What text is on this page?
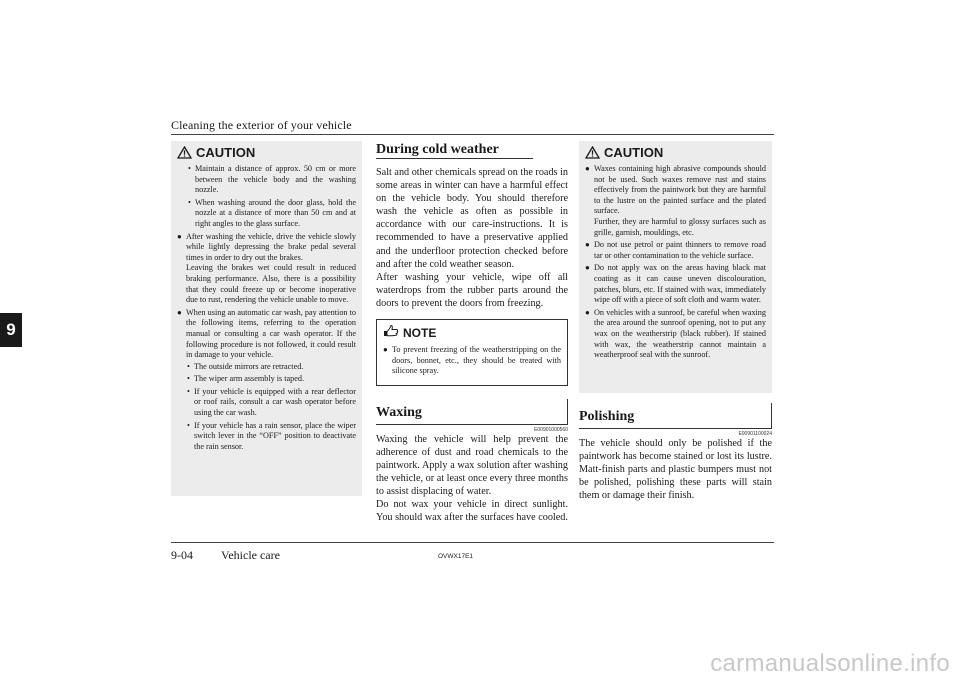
Cleaning the exterior of your vehicle
9
CAUTION
• Maintain a distance of approx. 50 cm or more between the vehicle body and the washing nozzle.
• When washing around the door glass, hold the nozzle at a distance of more than 50 cm and at right angles to the glass surface.
● After washing the vehicle, drive the vehicle slowly while lightly depressing the brake pedal several times in order to dry out the brakes.

Leaving the brakes wet could result in reduced braking performance. Also, there is a possibility that they could freeze up or become inoperative due to rust, rendering the vehicle unable to move.

● When using an automatic car wash, pay attention to the following items, referring to the operation manual or consulting a car wash operator. If the following procedure is not followed, it could result in damage to your vehicle.

• The outside mirrors are retracted.
• The wiper arm assembly is taped.
• If your vehicle is equipped with a rear deflector or roof rails, consult a car wash operator before using the car wash.
• If your vehicle has a rain sensor, place the wiper switch lever in the “OFF” position to deactivate the rain sensor.
During cold weather

Salt and other chemicals spread on the roads in some areas in winter can have a harmful effect on the vehicle body. You should therefore wash the vehicle as often as possible in accordance with our care-instructions. It is recommended to have a preservative applied and the underfloor protection checked before and after the cold weather season.

After washing your vehicle, wipe off all waterdrops from the rubber parts around the doors to prevent the doors from freezing.

NOTE
● To prevent freezing of the weatherstripping on the doors, bonnet, etc., they should be treated with silicone spray.

Waxing
E00901000560

Waxing the vehicle will help prevent the adherence of dust and road chemicals to the paintwork. Apply a wax solution after washing the vehicle, or at least once every three months to assist displacing of water.

Do not wax your vehicle in direct sunlight. You should wax after the surfaces have cooled.

CAUTION
● Waxes containing high abrasive compounds should not be used. Such waxes remove rust and stains effectively from the paintwork but they are harmful to the lustre on the painted surface and the plated surface.

Further, they are harmful to glossy surfaces such as grille, garnish, mouldings, etc.

● Do not use petrol or paint thinners to remove road tar or other contamination to the vehicle surface.

● Do not apply wax on the areas having black mat coating as it can cause uneven discolouration, patches, blurs, etc. If stained with wax, immediately wipe off with a piece of soft cloth and warm water.

● On vehicles with a sunroof, be careful when waxing the area around the sunroof opening, not to put any wax on the weatherstrip (black rubber). If stained with wax, the weatherstrip cannot maintain a weatherproof seal with the sunroof.

Polishing
E00901100024

The vehicle should only be polished if the paintwork has become stained or lost its lustre. Matt-finish parts and plastic bumpers must not be polished, polishing these parts will stain them or damage their finish.

9-04 Vehicle care	OVWX17E1
carmanualsonline.info
